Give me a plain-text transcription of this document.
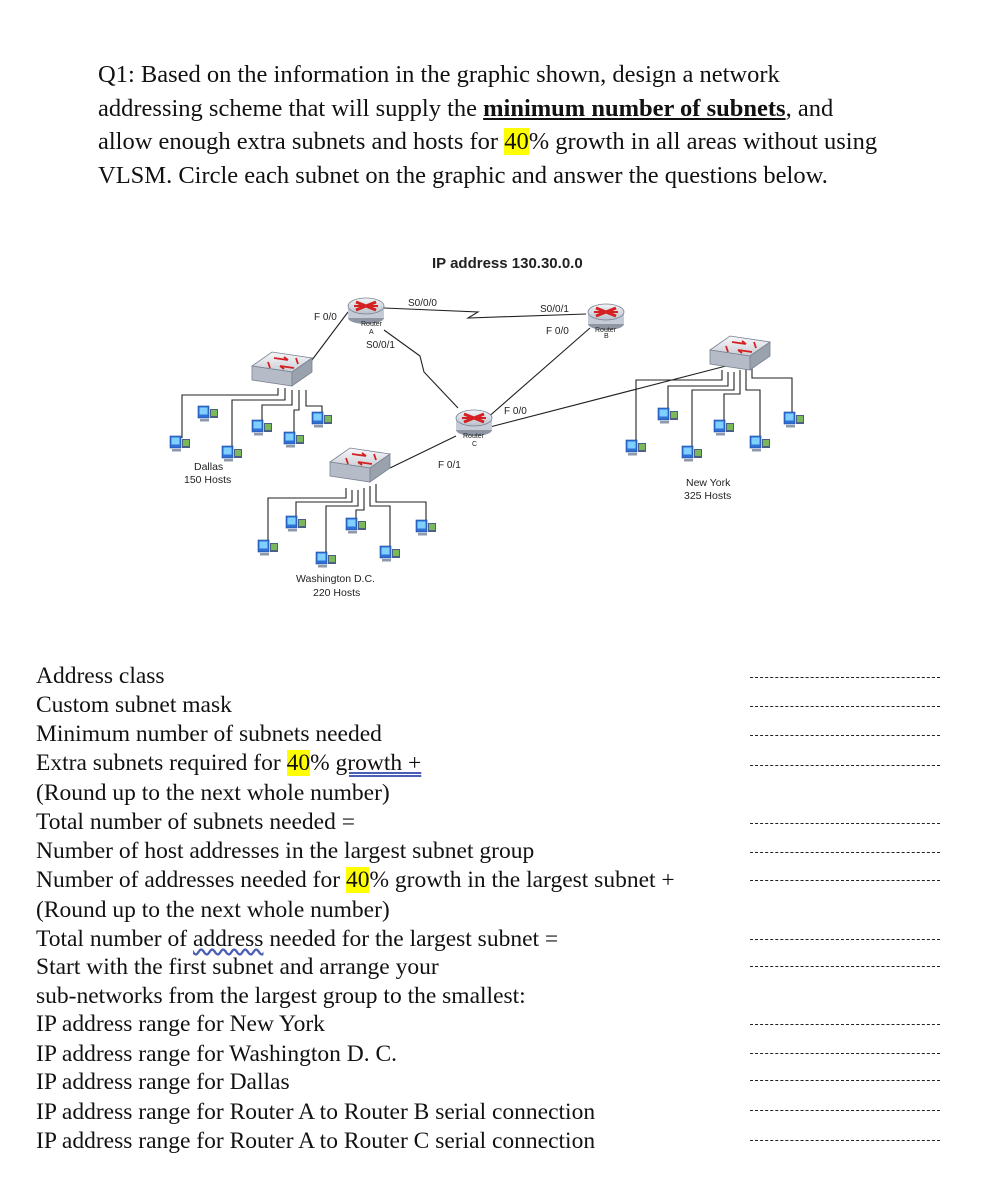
Q1: Based on the information in the graphic shown, design a network addressing scheme that will supply the minimum number of subnets, and allow enough extra subnets and hosts for 40% growth in all areas without using VLSM. Circle each subnet on the graphic and answer the questions below.
IP address 130.30.0.0
Router
A	Router
B
Router
C
F 0/0
S0/0/0
S0/0/1
S0/0/1
F 0/0
F 0/0
F 0/1
Dallas
150 Hosts
Washington D.C.
220 Hosts
New York
325 Hosts
Address class
Custom subnet mask
Minimum number of subnets needed
Extra subnets required for 40% growth +
(Round up to the next whole number)
Total number of subnets needed =
Number of host addresses in the largest subnet group
Number of addresses needed for 40% growth in the largest subnet +
(Round up to the next whole number)
Total number of address needed for the largest subnet =
Start with the first subnet and arrange your
sub-networks from the largest group to the smallest:
IP address range for New York
IP address range for Washington D. C.
IP address range for Dallas
IP address range for Router A to Router B serial connection
IP address range for Router A to Router C serial connection
